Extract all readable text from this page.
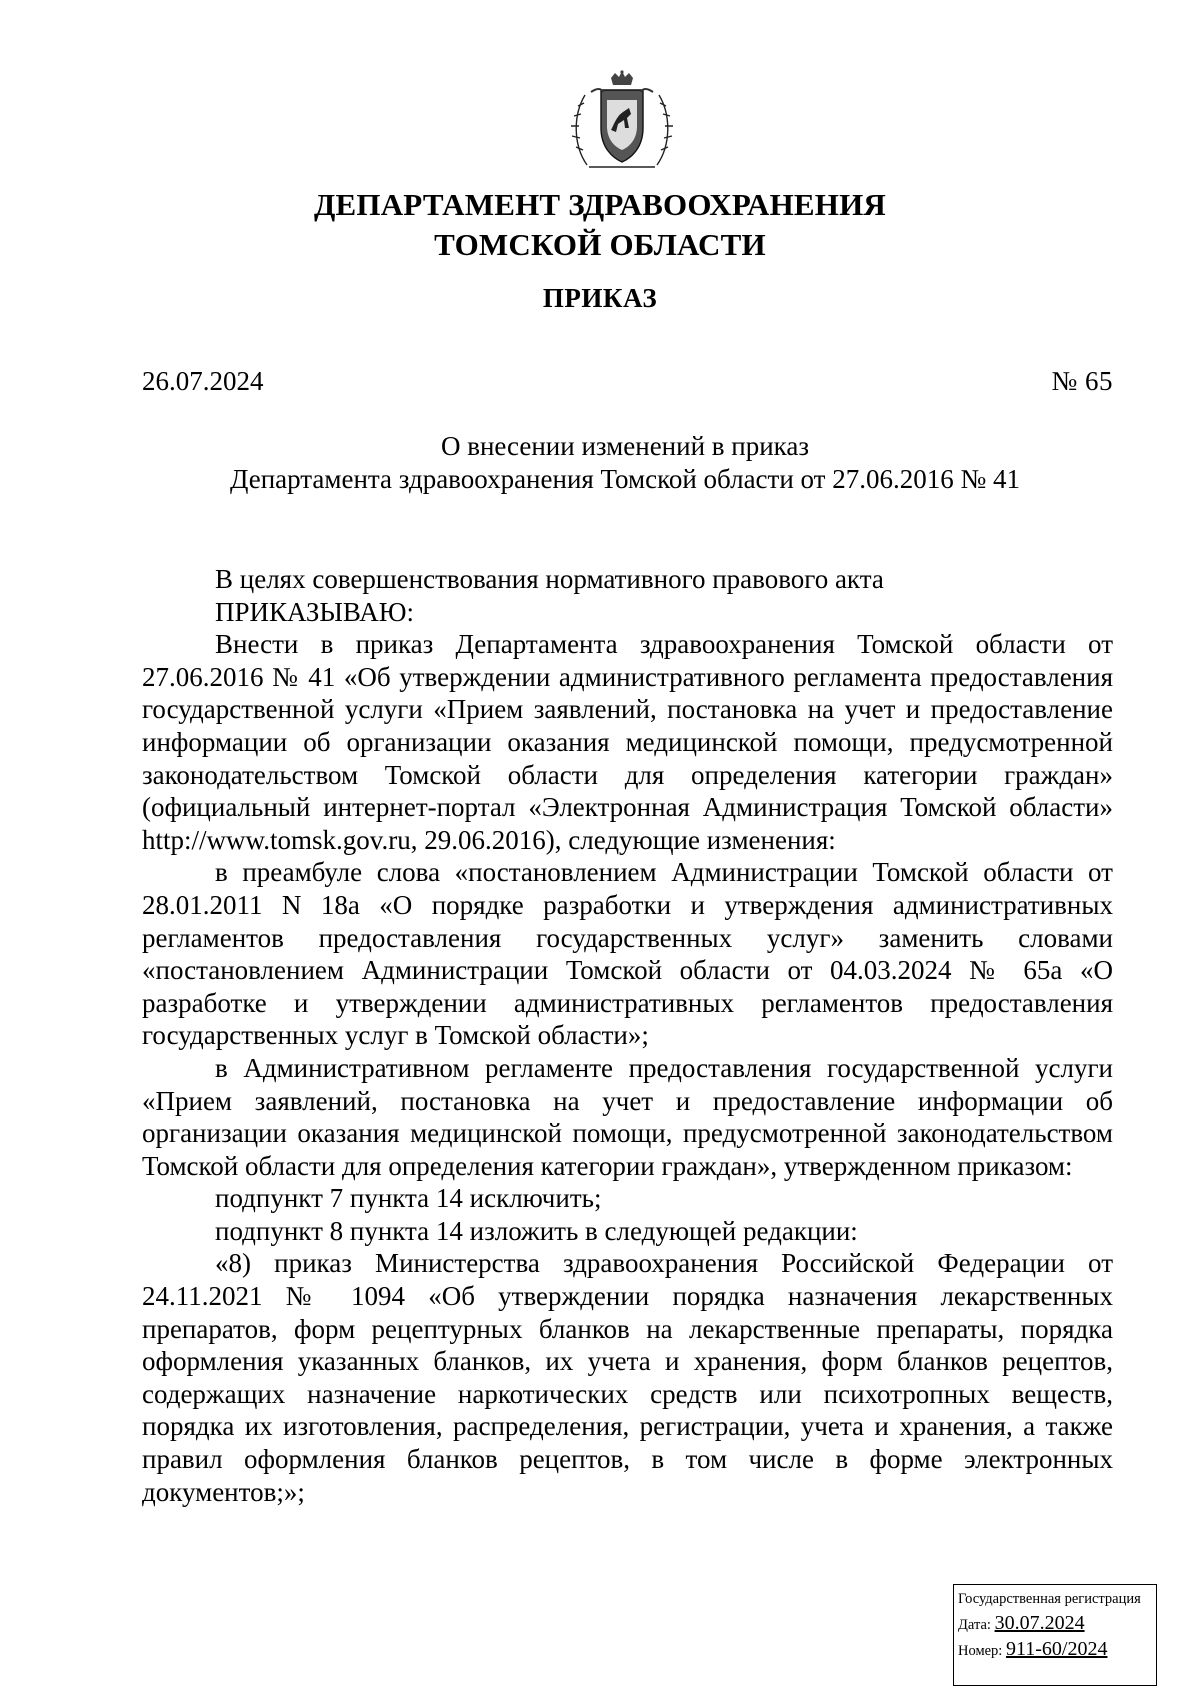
ДЕПАРТАМЕНТ ЗДРАВООХРАНЕНИЯ
ТОМСКОЙ ОБЛАСТИ
ПРИКАЗ
26.07.2024	№ 65
О внесении изменений в приказ
Департамента здравоохранения Томской области от 27.06.2016 № 41

В целях совершенствования нормативного правового акта

ПРИКАЗЫВАЮ:

Внести в приказ Департамента здравоохранения Томской области от 27.06.2016 № 41 «Об утверждении административного регламента предоставления государственной услуги «Прием заявлений, постановка на учет и предоставление информации об организации оказания медицинской помощи, предусмотренной законодательством Томской области для определения категории граждан» (официальный интернет-портал «Электронная Администрация Томской области» http://www.tomsk.gov.ru, 29.06.2016), следующие изменения:

в преамбуле слова «постановлением Администрации Томской области от 28.01.2011 N 18а «О порядке разработки и утверждения административных регламентов предоставления государственных услуг» заменить словами «постановлением Администрации Томской области от 04.03.2024 № 65а «О разработке и утверждении административных регламентов предоставления государственных услуг в Томской области»;

в Административном регламенте предоставления государственной услуги «Прием заявлений, постановка на учет и предоставление информации об организации оказания медицинской помощи, предусмотренной законодательством Томской области для определения категории граждан», утвержденном приказом:

подпункт 7 пункта 14 исключить;

подпункт 8 пункта 14 изложить в следующей редакции:

«8) приказ Министерства здравоохранения Российской Федерации от 24.11.2021 № 1094 «Об утверждении порядка назначения лекарственных препаратов, форм рецептурных бланков на лекарственные препараты, порядка оформления указанных бланков, их учета и хранения, форм бланков рецептов, содержащих назначение наркотических средств или психотропных веществ, порядка их изготовления, распределения, регистрации, учета и хранения, а также правил оформления бланков рецептов, в том числе в форме электронных документов;»;

Государственная регистрация
Дата: 30.07.2024
Номер: 911-60/2024
